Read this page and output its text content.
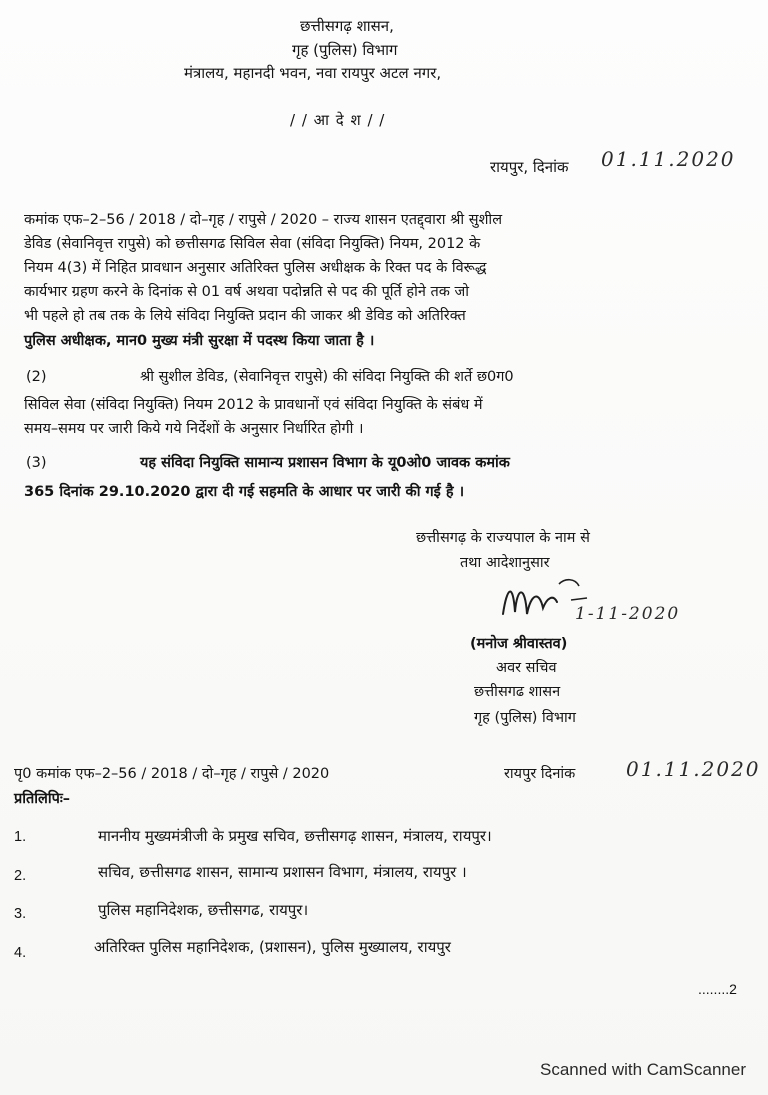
छत्तीसगढ़ शासन,
गृह (पुलिस) विभाग
मंत्रालय, महानदी भवन, नवा रायपुर अटल नगर,
/ / आ दे श / /
रायपुर, दिनांक 01.11.2020
कमांक एफ–2–56 / 2018 / दो–गृह / रापुसे / 2020 – राज्य शासन एतद्द्वारा श्री सुशील
डेविड (सेवानिवृत्त रापुसे) को छत्तीसगढ सिविल सेवा (संविदा नियुक्ति) नियम, 2012 के
नियम 4(3) में निहित प्रावधान अनुसार अतिरिक्त पुलिस अधीक्षक के रिक्त पद के विरूद्ध
कार्यभार ग्रहण करने के दिनांक से 01 वर्ष अथवा पदोन्नति से पद की पूर्ति होने तक जो
भी पहले हो तब तक के लिये संविदा नियुक्ति प्रदान की जाकर श्री डेविड को अतिरिक्त
पुलिस अधीक्षक, मान0 मुख्य मंत्री सुरक्षा में पदस्थ किया जाता है ।
(2)	श्री सुशील डेविड, (सेवानिवृत्त रापुसे) की संविदा नियुक्ति की शर्ते छ0ग0
सिविल सेवा (संविदा नियुक्ति) नियम 2012 के प्रावधानों एवं संविदा नियुक्ति के संबंध में
समय–समय पर जारी किये गये निर्देशों के अनुसार निर्धारित होगी ।
(3)	यह संविदा नियुक्ति सामान्य प्रशासन विभाग के यू0ओ0 जावक कमांक
365 दिनांक 29.10.2020 द्वारा दी गई सहमति के आधार पर जारी की गई है ।
छत्तीसगढ़ के राज्यपाल के नाम से
तथा आदेशानुसार
1-11-2020
(मनोज श्रीवास्तव)
अवर सचिव
छत्तीसगढ शासन
गृह (पुलिस) विभाग
पृ0 कमांक एफ–2–56 / 2018 / दो–गृह / रापुसे / 2020	रायपुर दिनांक	01.11.2020
प्रतिलिपिः–
1.	माननीय मुख्यमंत्रीजी के प्रमुख सचिव, छत्तीसगढ़ शासन, मंत्रालय, रायपुर।
2.	सचिव, छत्तीसगढ शासन, सामान्य प्रशासन विभाग, मंत्रालय, रायपुर ।
3.	पुलिस महानिदेशक, छत्तीसगढ, रायपुर।
4.	अतिरिक्त पुलिस महानिदेशक, (प्रशासन), पुलिस मुख्यालय, रायपुर
........2
Scanned with CamScanner
